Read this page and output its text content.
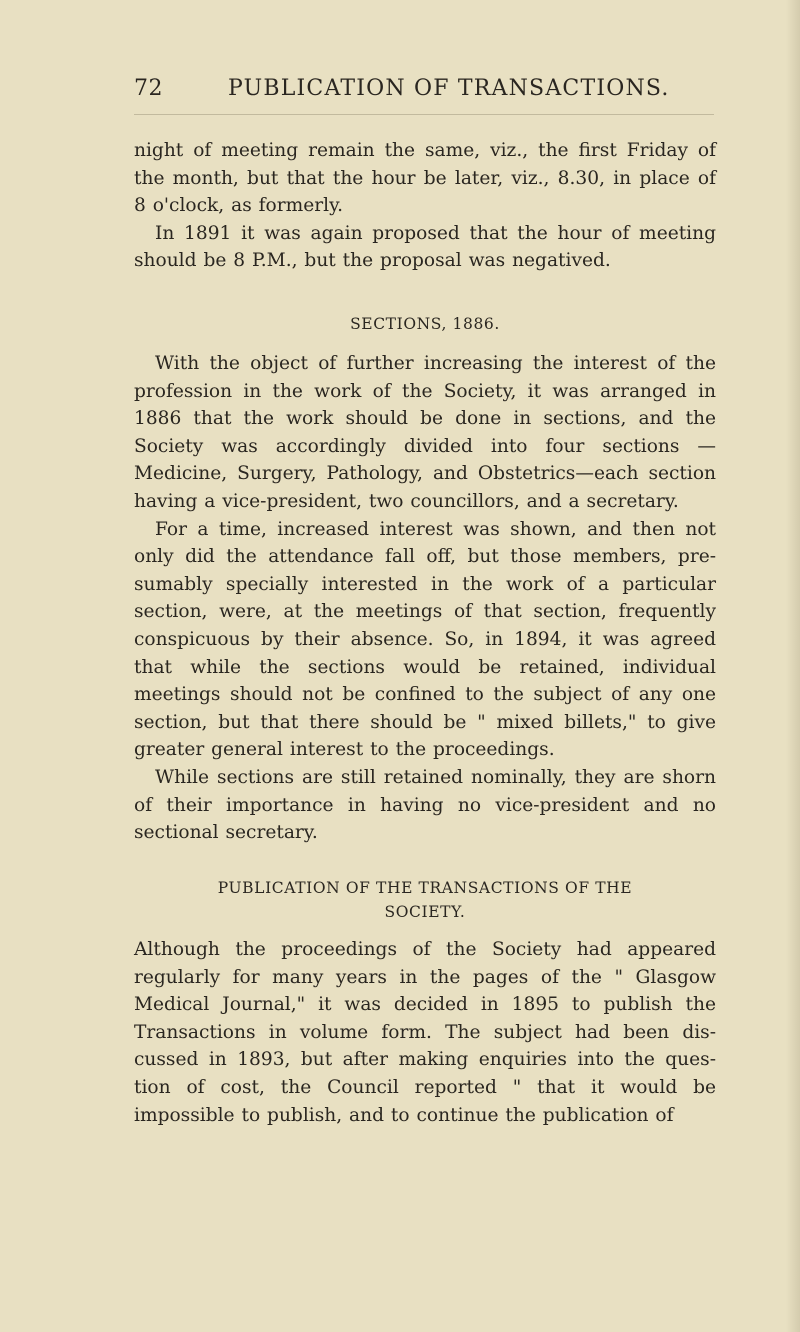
72	PUBLICATION OF TRANSACTIONS.

night of meeting remain the same, viz., the first Friday of the month, but that the hour be later, viz., 8.30, in place of 8 o'clock, as formerly.

In 1891 it was again proposed that the hour of meeting should be 8 P.M., but the proposal was negatived.

SECTIONS, 1886.

With the object of further increasing the interest of the profession in the work of the Society, it was arranged in 1886 that the work should be done in sections, and the Society was accordingly divided into four sections —Medicine, Surgery, Pathology, and Obstetrics—each section having a vice-president, two councillors, and a secretary.

For a time, increased interest was shown, and then not only did the attendance fall off, but those members, pre- sumably specially interested in the work of a particular section, were, at the meetings of that section, frequently conspicuous by their absence. So, in 1894, it was agreed that while the sections would be retained, individual meetings should not be confined to the subject of any one section, but that there should be " mixed billets," to give greater general interest to the proceedings.

While sections are still retained nominally, they are shorn of their importance in having no vice-president and no sectional secretary.

PUBLICATION OF THE TRANSACTIONS OF THE
SOCIETY.

Although the proceedings of the Society had appeared regularly for many years in the pages of the " Glasgow Medical Journal," it was decided in 1895 to publish the Transactions in volume form. The subject had been dis- cussed in 1893, but after making enquiries into the ques- tion of cost, the Council reported " that it would be impossible to publish, and to continue the publication of
